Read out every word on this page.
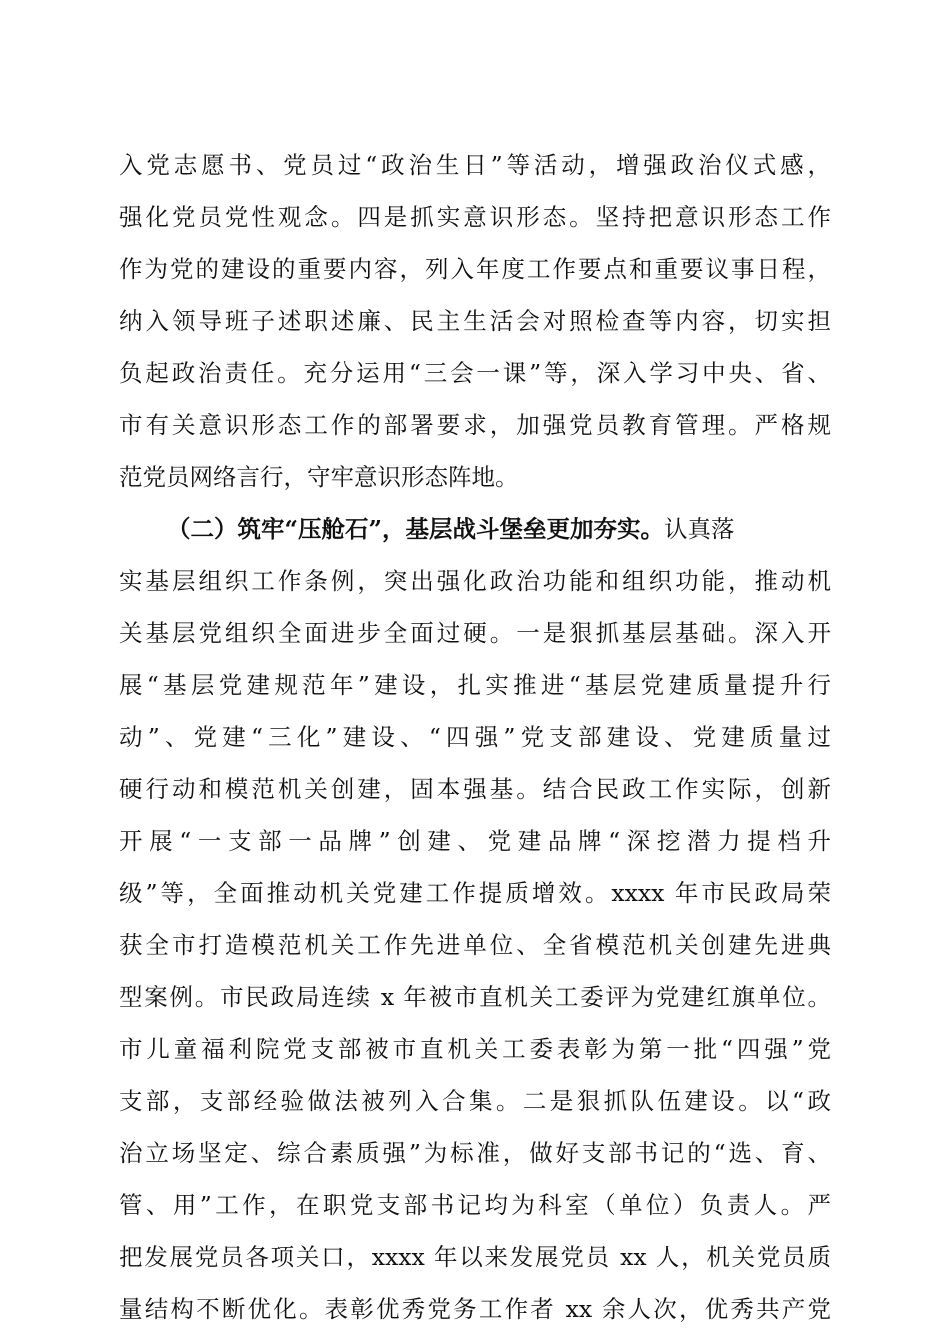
入党志愿书、党员过“政治生日”等活动，增强政治仪式感，
强化党员党性观念。四是抓实意识形态。坚持把意识形态工作
作为党的建设的重要内容，列入年度工作要点和重要议事日程，
纳入领导班子述职述廉、民主生活会对照检查等内容，切实担
负起政治责任。充分运用“三会一课”等，深入学习中央、省、
市有关意识形态工作的部署要求，加强党员教育管理。严格规
范党员网络言行，守牢意识形态阵地。
（二）筑牢“压舱石”，基层战斗堡垒更加夯实。认真落
实基层组织工作条例，突出强化政治功能和组织功能，推动机
关基层党组织全面进步全面过硬。一是狠抓基层基础。深入开
展“基层党建规范年”建设，扎实推进“基层党建质量提升行
动”、党建“三化”建设、“四强”党支部建设、党建质量过
硬行动和模范机关创建，固本强基。结合民政工作实际，创新
开展“一支部一品牌”创建、党建品牌“深挖潜力提档升
级”等，全面推动机关党建工作提质增效。xxxx 年市民政局荣
获全市打造模范机关工作先进单位、全省模范机关创建先进典
型案例。市民政局连续 x 年被市直机关工委评为党建红旗单位。
市儿童福利院党支部被市直机关工委表彰为第一批“四强”党
支部，支部经验做法被列入合集。二是狠抓队伍建设。以“政
治立场坚定、综合素质强”为标准，做好支部书记的“选、育、
管、用”工作，在职党支部书记均为科室（单位）负责人。严
把发展党员各项关口，xxxx 年以来发展党员 xx 人，机关党员质
量结构不断优化。表彰优秀党务工作者 xx 余人次，优秀共产党
